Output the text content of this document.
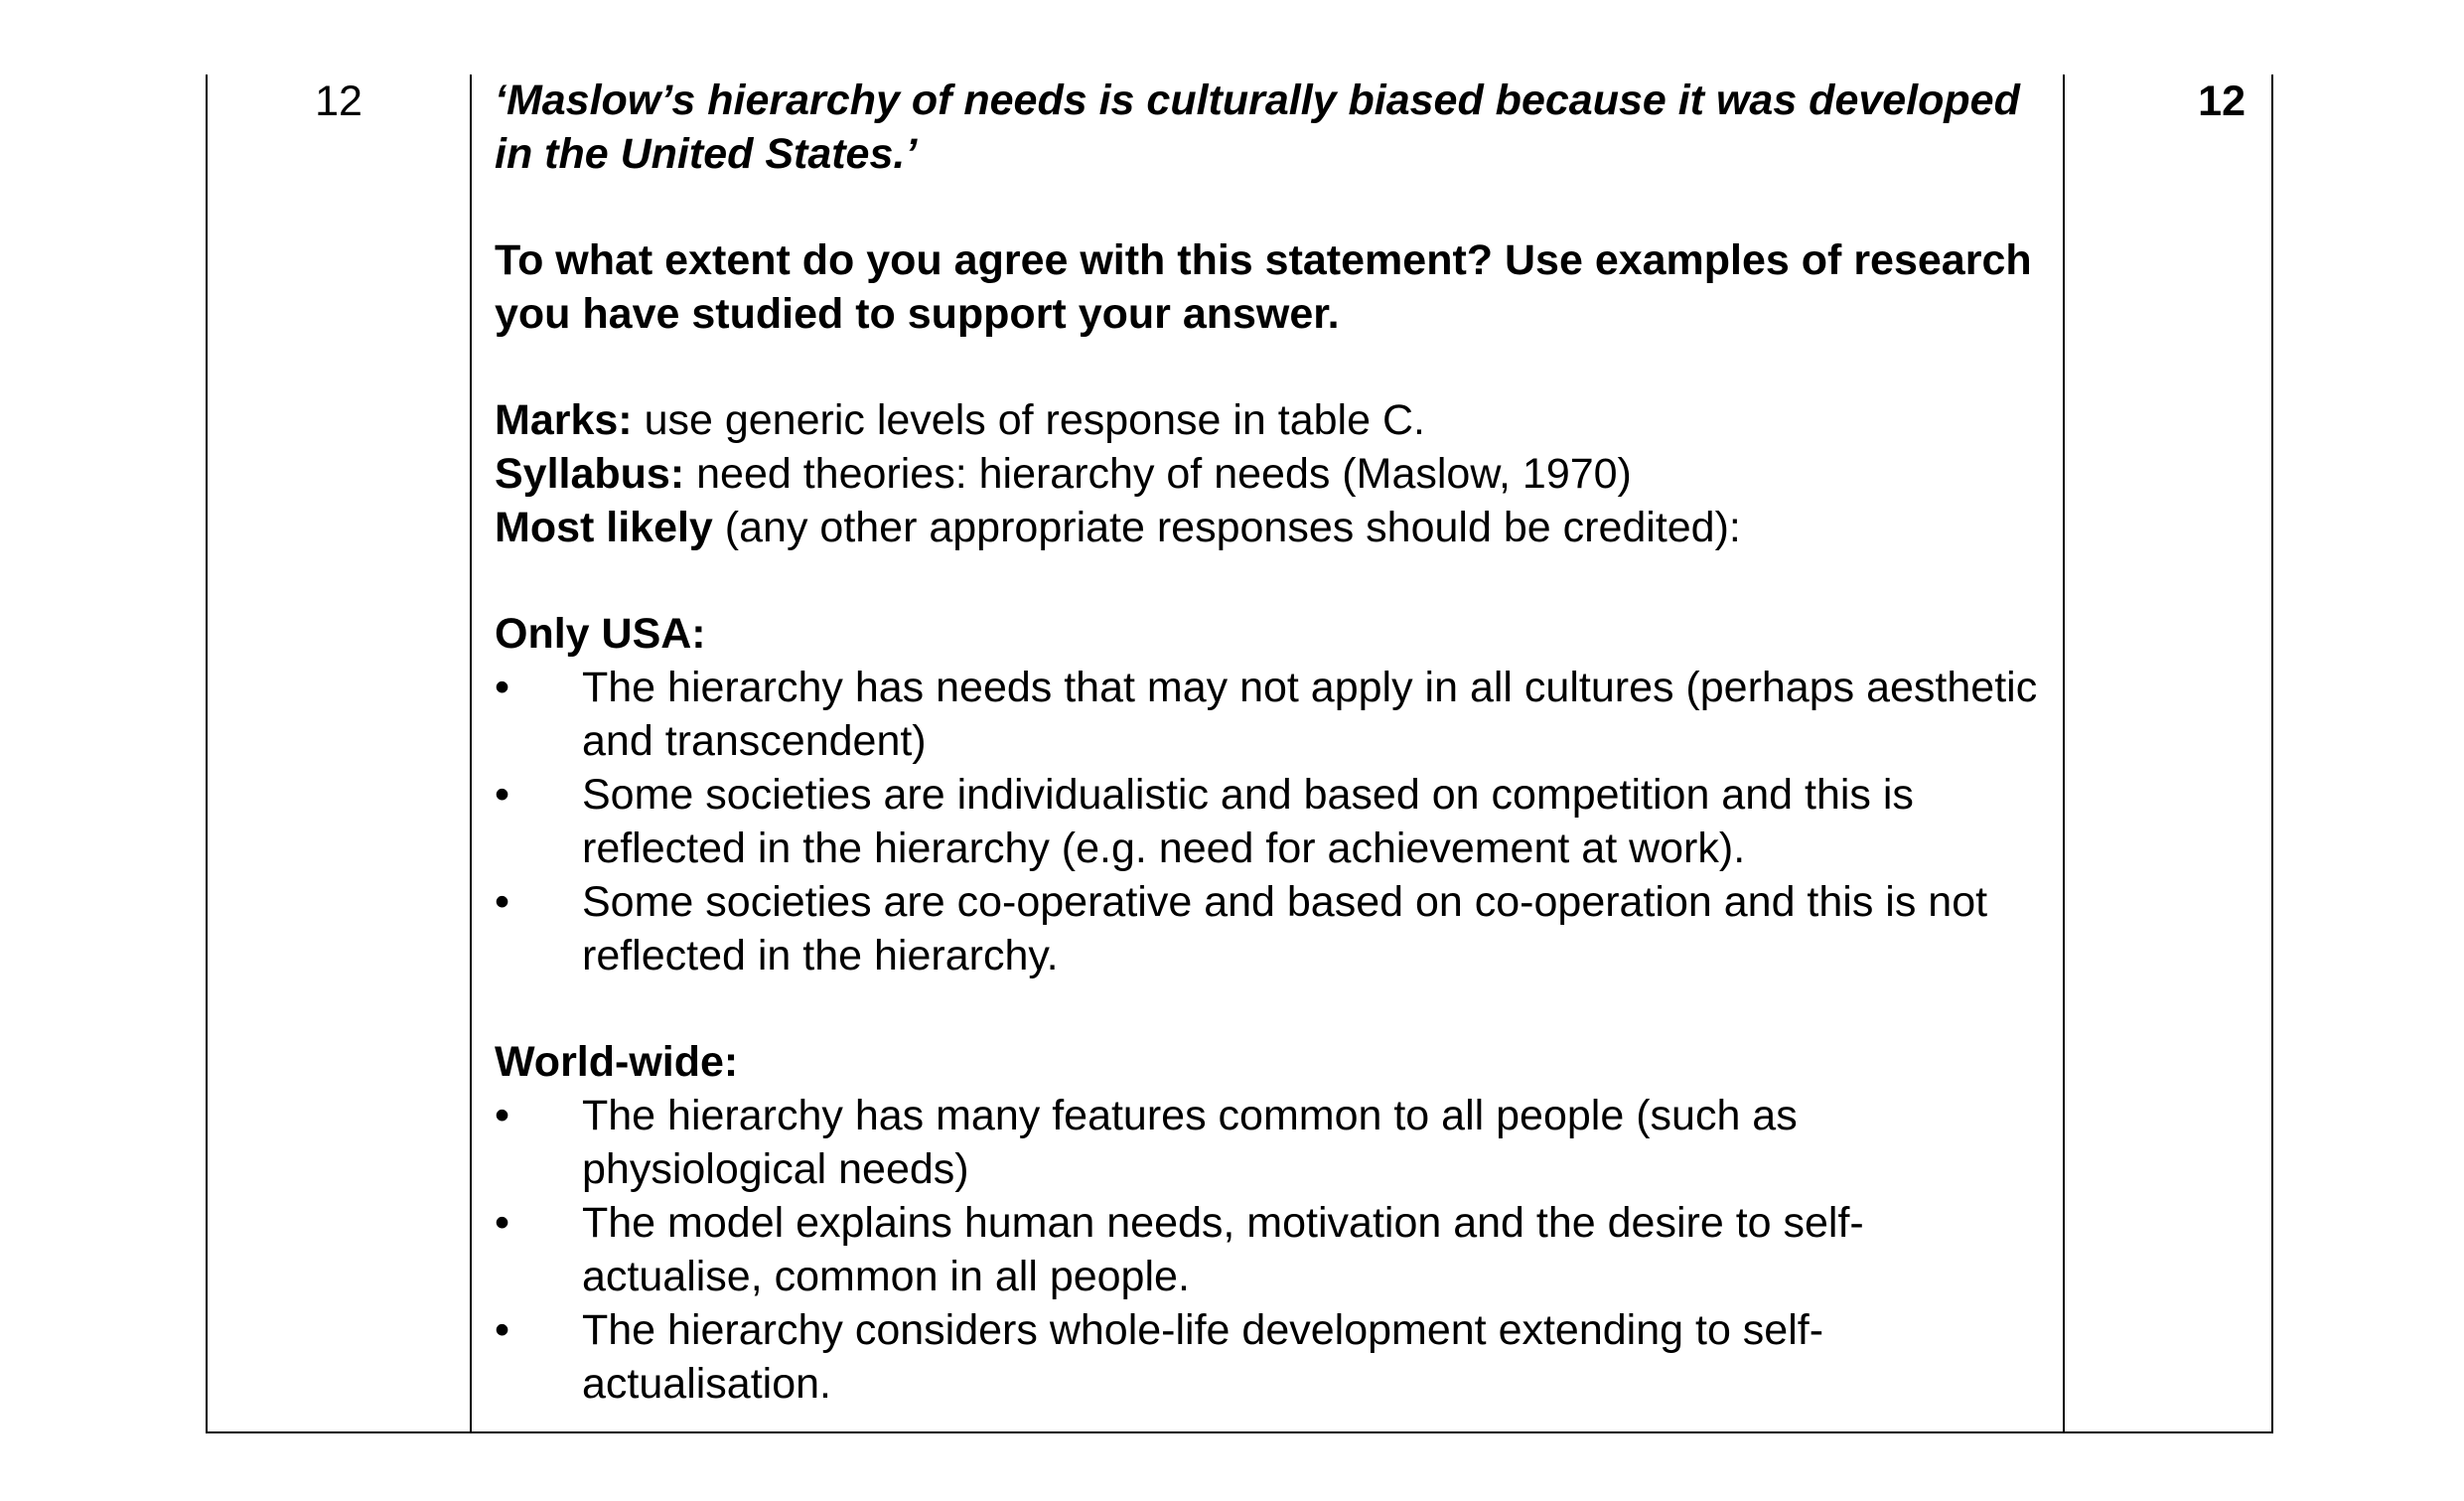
12	‘Maslow’s hierarchy of needs is culturally biased because it was developed in the United States.’

To what extent do you agree with this statement? Use examples of research you have studied to support your answer.

Marks: use generic levels of response in table C.

Syllabus: need theories: hierarchy of needs (Maslow, 1970)

Most likely (any other appropriate responses should be credited):

Only USA:

• The hierarchy has needs that may not apply in all cultures (perhaps aesthetic and transcendent)
• Some societies are individualistic and based on competition and this is reflected in the hierarchy (e.g. need for achievement at work).
• Some societies are co-operative and based on co-operation and this is not reflected in the hierarchy.

World-wide:

• The hierarchy has many features common to all people (such as physiological needs)
• The model explains human needs, motivation and the desire to self-actualise, common in all people.
• The hierarchy considers whole-life development extending to self-actualisation.
12
